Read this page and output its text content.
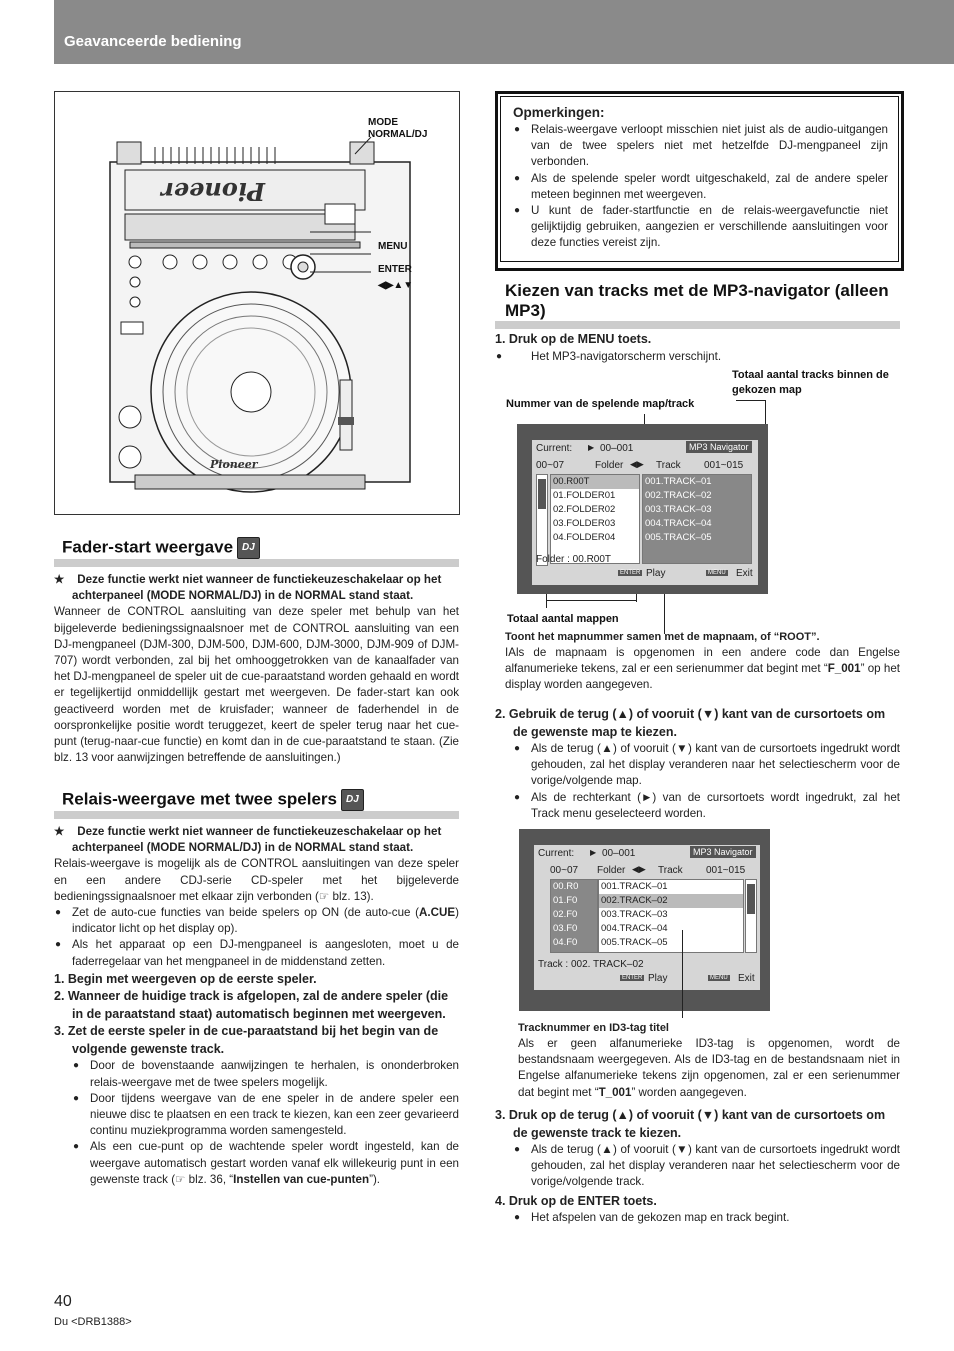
Geavanceerde bediening
Pioneer
Pioneer
MODE
NORMAL/DJ
MENU
ENTER
◀▶▲▼
Fader-start weergave DJ

★    Deze functie werkt niet wanneer de functiekeuzeschakelaar op het achterpaneel (MODE NORMAL/DJ) in de NORMAL stand staat.

Wanneer de CONTROL aansluiting van deze speler met behulp van het bijgeleverde bedieningssignaalsnoer met de CONTROL aansluiting van een DJ-mengpaneel (DJM-300, DJM-500, DJM-600, DJM-3000, DJM-909 of DJM-707) wordt verbonden, zal bij het omhooggetrokken van de kanaalfader van het DJ-mengpaneel de speler uit de cue-paraatstand worden gehaald en wordt er tegelijkertijd onmiddellijk gestart met weergeven. De fader-start kan ook geactiveerd worden met de kruisfader; wanneer de faderhendel in de oorspronkelijke positie wordt teruggezet, keert de speler terug naar het cue-punt (terug-naar-cue functie) en komt dan in de cue-paraatstand te staan. (Zie blz. 13 voor aanwijzingen betreffende de aansluitingen.)

Relais-weergave met twee spelers DJ

★    Deze functie werkt niet wanneer de functiekeuzeschakelaar op het achterpaneel (MODE NORMAL/DJ) in de NORMAL stand staat.

Relais-weergave is mogelijk als de CONTROL aansluitingen van deze speler en een andere CDJ-serie CD-speler met het bijgeleverde bedieningssignaalsnoer met elkaar zijn verbonden (☞ blz. 13).

● Zet de auto-cue functies van beide spelers op ON (de auto-cue (A.CUE) indicator licht op het display op).

● Als het apparaat op een DJ-mengpaneel is aangesloten, moet u de faderregelaar van het mengpaneel in de middenstand zetten.

1. Begin met weergeven op de eerste speler.

2. Wanneer de huidige track is afgelopen, zal de andere speler (die in de paraatstand staat) automatisch beginnen met weergeven.

3. Zet de eerste speler in de cue-paraatstand bij het begin van de volgende gewenste track.

● Door de bovenstaande aanwijzingen te herhalen, is ononderbroken relais-weergave met de twee spelers mogelijk.

● Door tijdens weergave van de ene speler in de andere speler een nieuwe disc te plaatsen en een track te kiezen, kan een zeer gevarieerd continu muziekprogramma worden samengesteld.

● Als een cue-punt op de wachtende speler wordt ingesteld, kan de weergave automatisch gestart worden vanaf elk willekeurig punt in een gewenste track (☞ blz. 36, “Instellen van cue-punten”).

Opmerkingen:

● Relais-weergave verloopt misschien niet juist als de audio-uitgangen van de twee spelers niet met hetzelfde DJ-mengpaneel zijn verbonden.

● Als de spelende speler wordt uitgeschakeld, zal de andere speler meteen beginnen met weergeven.

● U kunt de fader-startfunctie en de relais-weergavefunctie niet gelijktijdig gebruiken, aangezien er verschillende aansluitingen voor deze functies vereist zijn.

Kiezen van tracks met de MP3-navigator (alleen MP3)

1. Druk op de MENU toets.

● Het MP3-navigatorscherm verschijnt.

Totaal aantal tracks binnen de gekozen map
Nummer van de spelende map/track
Current: ▶ 00–001	MP3 Navigator
00~07	Folder ◀▶ Track 001~015
00.R00T
01.FOLDER01
02.FOLDER02
03.FOLDER03
04.FOLDER04
001.TRACK–01
002.TRACK–02
003.TRACK–03
004.TRACK–04
005.TRACK–05
Folder : 00.R00T
ENTER Play	MENU Exit
Totaal aantal mappen
Toont het mapnummer samen met de mapnaam, of “ROOT”.

IAls de mapnaam is opgenomen in een andere code dan Engelse alfanumerieke tekens, zal er een serienummer dat begint met “F_001” op het display worden aangegeven.

2. Gebruik de terug (▲) of vooruit (▼) kant van de cursortoets om de gewenste map te kiezen.

● Als de terug (▲) of vooruit (▼) kant van de cursortoets ingedrukt wordt gehouden, zal het display veranderen naar het selectiescherm voor de vorige/volgende map.

● Als de rechterkant (►) van de cursortoets wordt ingedrukt, zal het Track menu geselecteerd worden.

Current: ▶ 00–001	MP3 Navigator
00~07 Folder ◀▶ Track 001~015
00.R0
01.F0
02.F0
03.F0
04.F0
001.TRACK–01
002.TRACK–02
003.TRACK–03
004.TRACK–04
005.TRACK–05
Track : 002. TRACK–02
ENTER Play	MENU Exit
Tracknummer en ID3-tag titel

Als er geen alfanumerieke ID3-tag is opgenomen, wordt de bestandsnaam weergegeven. Als de ID3-tag en de bestandsnaam niet in Engelse alfanumerieke tekens zijn opgenomen, zal er een serienummer dat begint met “T_001” worden aangegeven.

3. Druk op de terug (▲) of vooruit (▼) kant van de cursortoets om de gewenste track te kiezen.

● Als de terug (▲) of vooruit (▼) kant van de cursortoets ingedrukt wordt gehouden, zal het display veranderen naar het selectiescherm voor de vorige/volgende track.

4. Druk op de ENTER toets.

● Het afspelen van de gekozen map en track begint.

40
Du <DRB1388>
